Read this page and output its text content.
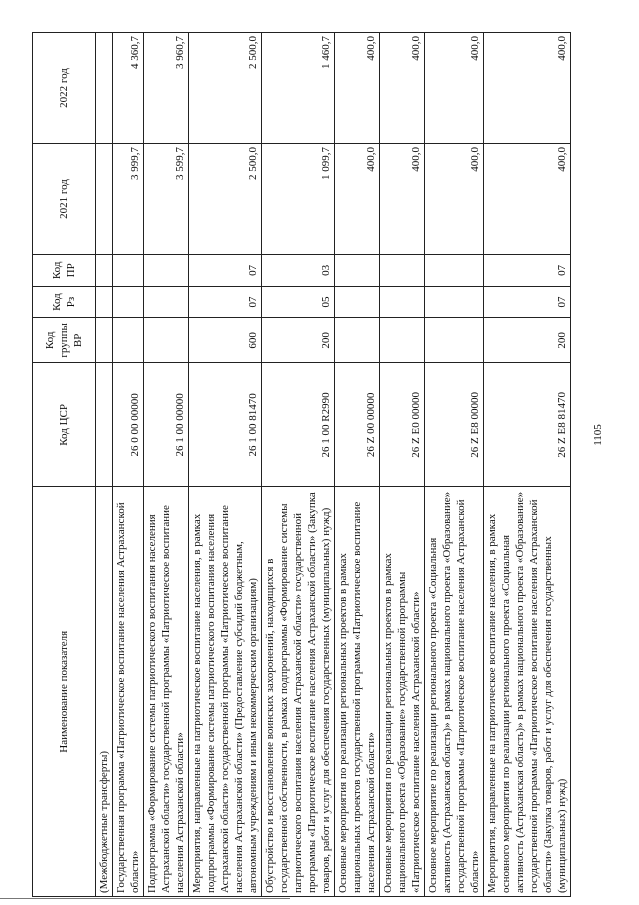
1105
Наименование показателя	Код ЦСР	Код группы ВР	Код Рз	Код ПР	2021 год	2022 год
(Межбюджетные трансферты)						
Государственная программа «Патриотическое воспитание населения Астраханской области»	26 0 00 00000				3 999,7	4 360,7
Подпрограмма «Формирование системы патриотического воспитания населения Астраханской области» государственной программы «Патриотическое воспитание населения Астраханской области»	26 1 00 00000				3 599,7	3 960,7
Мероприятия, направленные на патриотическое воспитание населения, в рамках подпрограммы «Формирование системы патриотического воспитания населения Астраханской области» государственной программы «Патриотическое воспитание населения Астраханской области» (Предоставление субсидий бюджетным, автономным учреждениям и иным некоммерческим организациям)	26 1 00 81470	600	07	07	2 500,0	2 500,0
Обустройство и восстановление воинских захоронений, находящихся в государственной собственности, в рамках подпрограммы «Формирование системы патриотического воспитания населения Астраханской области» государственной программы «Патриотическое воспитание населения Астраханской области» (Закупка товаров, работ и услуг для обеспечения государственных (муниципальных) нужд)	26 1 00 R2990	200	05	03	1 099,7	1 460,7
Основные мероприятия по реализации региональных проектов в рамках национальных проектов государственной программы «Патриотическое воспитание населения Астраханской области»	26 Z 00 00000				400,0	400,0
Основные мероприятия по реализации региональных проектов в рамках национального проекта «Образование» государственной программы «Патриотическое воспитание населения Астраханской области»	26 Z E0 00000				400,0	400,0
Основное мероприятие по реализации регионального проекта «Социальная активность (Астраханская область)» в рамках национального проекта «Образование» государственной программы «Патриотическое воспитание населения Астраханской области»	26 Z E8 00000				400,0	400,0
Мероприятия, направленные на патриотическое воспитание населения, в рамках основного мероприятия по реализации регионального проекта «Социальная активность (Астраханская область)» в рамках национального проекта «Образование» государственной программы «Патриотическое воспитание населения Астраханской области» (Закупка товаров, работ и услуг для обеспечения государственных (муниципальных) нужд)	26 Z E8 81470	200	07	07	400,0	400,0
